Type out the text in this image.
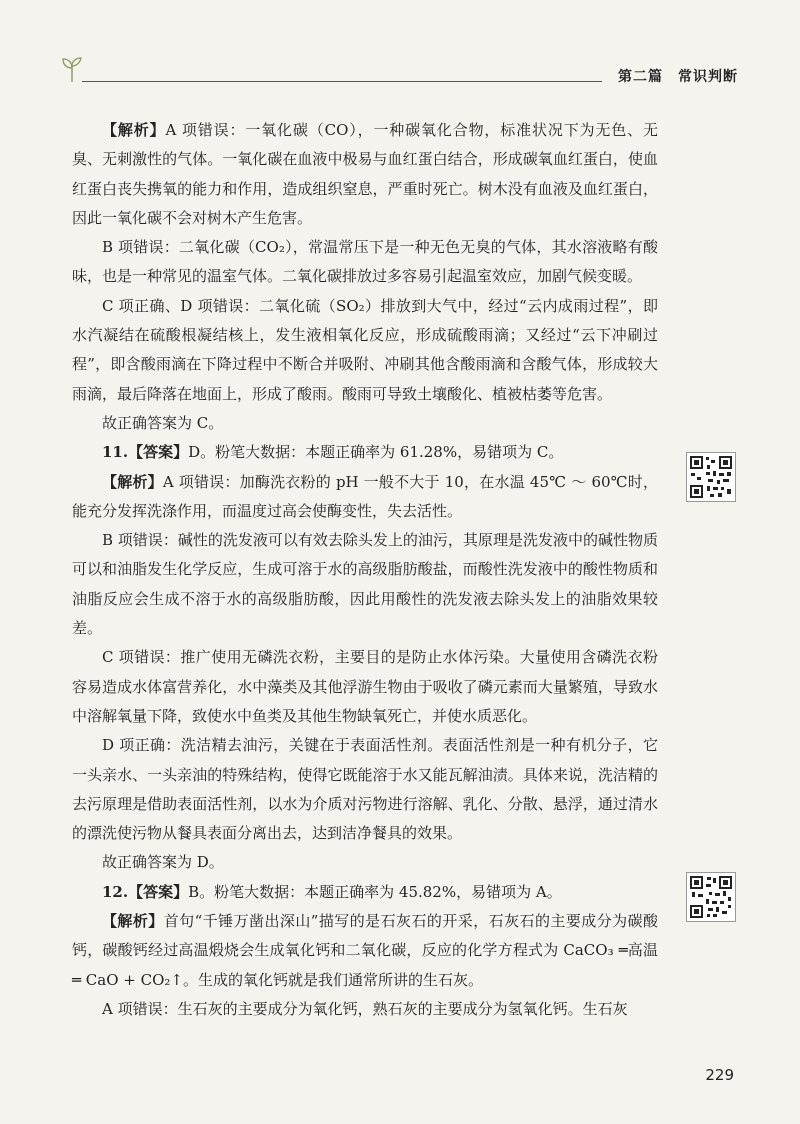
第二篇　常识判断

【解析】A 项错误：一氧化碳（CO），一种碳氧化合物，标准状况下为无色、无臭、无刺激性的气体。一氧化碳在血液中极易与血红蛋白结合，形成碳氧血红蛋白，使血红蛋白丧失携氧的能力和作用，造成组织窒息，严重时死亡。树木没有血液及血红蛋白，因此一氧化碳不会对树木产生危害。

B 项错误：二氧化碳（CO₂），常温常压下是一种无色无臭的气体，其水溶液略有酸味，也是一种常见的温室气体。二氧化碳排放过多容易引起温室效应，加剧气候变暖。

C 项正确、D 项错误：二氧化硫（SO₂）排放到大气中，经过“云内成雨过程”，即水汽凝结在硫酸根凝结核上，发生液相氧化反应，形成硫酸雨滴；又经过“云下冲刷过程”，即含酸雨滴在下降过程中不断合并吸附、冲刷其他含酸雨滴和含酸气体，形成较大雨滴，最后降落在地面上，形成了酸雨。酸雨可导致土壤酸化、植被枯萎等危害。

故正确答案为 C。

11.【答案】D。粉笔大数据：本题正确率为 61.28%，易错项为 C。

【解析】A 项错误：加酶洗衣粉的 pH 一般不大于 10，在水温 45℃ ～ 60℃时，能充分发挥洗涤作用，而温度过高会使酶变性，失去活性。

B 项错误：碱性的洗发液可以有效去除头发上的油污，其原理是洗发液中的碱性物质可以和油脂发生化学反应，生成可溶于水的高级脂肪酸盐，而酸性洗发液中的酸性物质和油脂反应会生成不溶于水的高级脂肪酸，因此用酸性的洗发液去除头发上的油脂效果较差。

C 项错误：推广使用无磷洗衣粉，主要目的是防止水体污染。大量使用含磷洗衣粉容易造成水体富营养化，水中藻类及其他浮游生物由于吸收了磷元素而大量繁殖，导致水中溶解氧量下降，致使水中鱼类及其他生物缺氧死亡，并使水质恶化。

D 项正确：洗洁精去油污，关键在于表面活性剂。表面活性剂是一种有机分子，它一头亲水、一头亲油的特殊结构，使得它既能溶于水又能瓦解油渍。具体来说，洗洁精的去污原理是借助表面活性剂，以水为介质对污物进行溶解、乳化、分散、悬浮，通过清水的漂洗使污物从餐具表面分离出去，达到洁净餐具的效果。

故正确答案为 D。

12.【答案】B。粉笔大数据：本题正确率为 45.82%，易错项为 A。

【解析】首句“千锤万凿出深山”描写的是石灰石的开采，石灰石的主要成分为碳酸钙，碳酸钙经过高温煅烧会生成氧化钙和二氧化碳，反应的化学方程式为 CaCO₃ ═高温═ CaO + CO₂↑。生成的氧化钙就是我们通常所讲的生石灰。

A 项错误：生石灰的主要成分为氧化钙，熟石灰的主要成分为氢氧化钙。生石灰

229
